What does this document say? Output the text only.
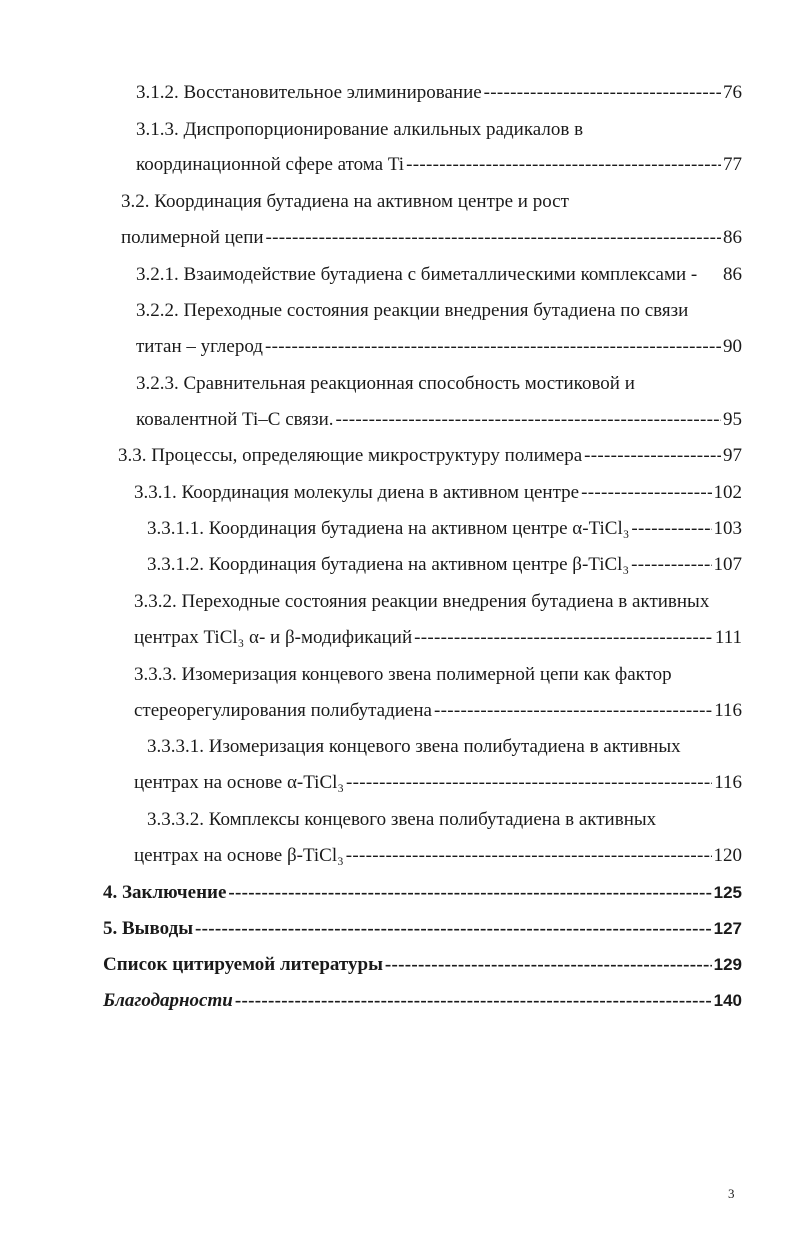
3.1.2. Восстановительное элиминирование -----	76
3.1.3. Диспропорционирование алкильных радикалов в
координационной сфере атома Ti -----	77
3.2. Координация бутадиена на активном центре и рост
полимерной цепи -----	86
3.2.1. Взаимодействие бутадиена с биметаллическими комплексами - 86
3.2.2. Переходные состояния реакции внедрения бутадиена по связи
титан – углерод -----	90
3.2.3. Сравнительная реакционная способность мостиковой и
ковалентной Ti–C связи. -----	95
3.3. Процессы, определяющие микроструктуру полимера -----	97
3.3.1. Координация молекулы диена в активном центре -----	102
3.3.1.1. Координация бутадиена на активном центре α-TiCl₃ -----	103
3.3.1.2. Координация бутадиена на активном центре β-TiCl₃ -----	107
3.3.2. Переходные состояния реакции внедрения бутадиена в активных
центрах TiCl₃ α- и β-модификаций -----	111
3.3.3. Изомеризация концевого звена полимерной цепи как фактор
стереорегулирования полибутадиена -----	116
3.3.3.1. Изомеризация концевого звена полибутадиена в активных
центрах на основе α-TiCl₃ -----	116
3.3.3.2. Комплексы концевого звена полибутадиена в активных
центрах на основе β-TiCl₃ -----	120
4. Заключение -----	125
5. Выводы -----	127
Список цитируемой литературы -----	129
Благодарности -----	140
3
